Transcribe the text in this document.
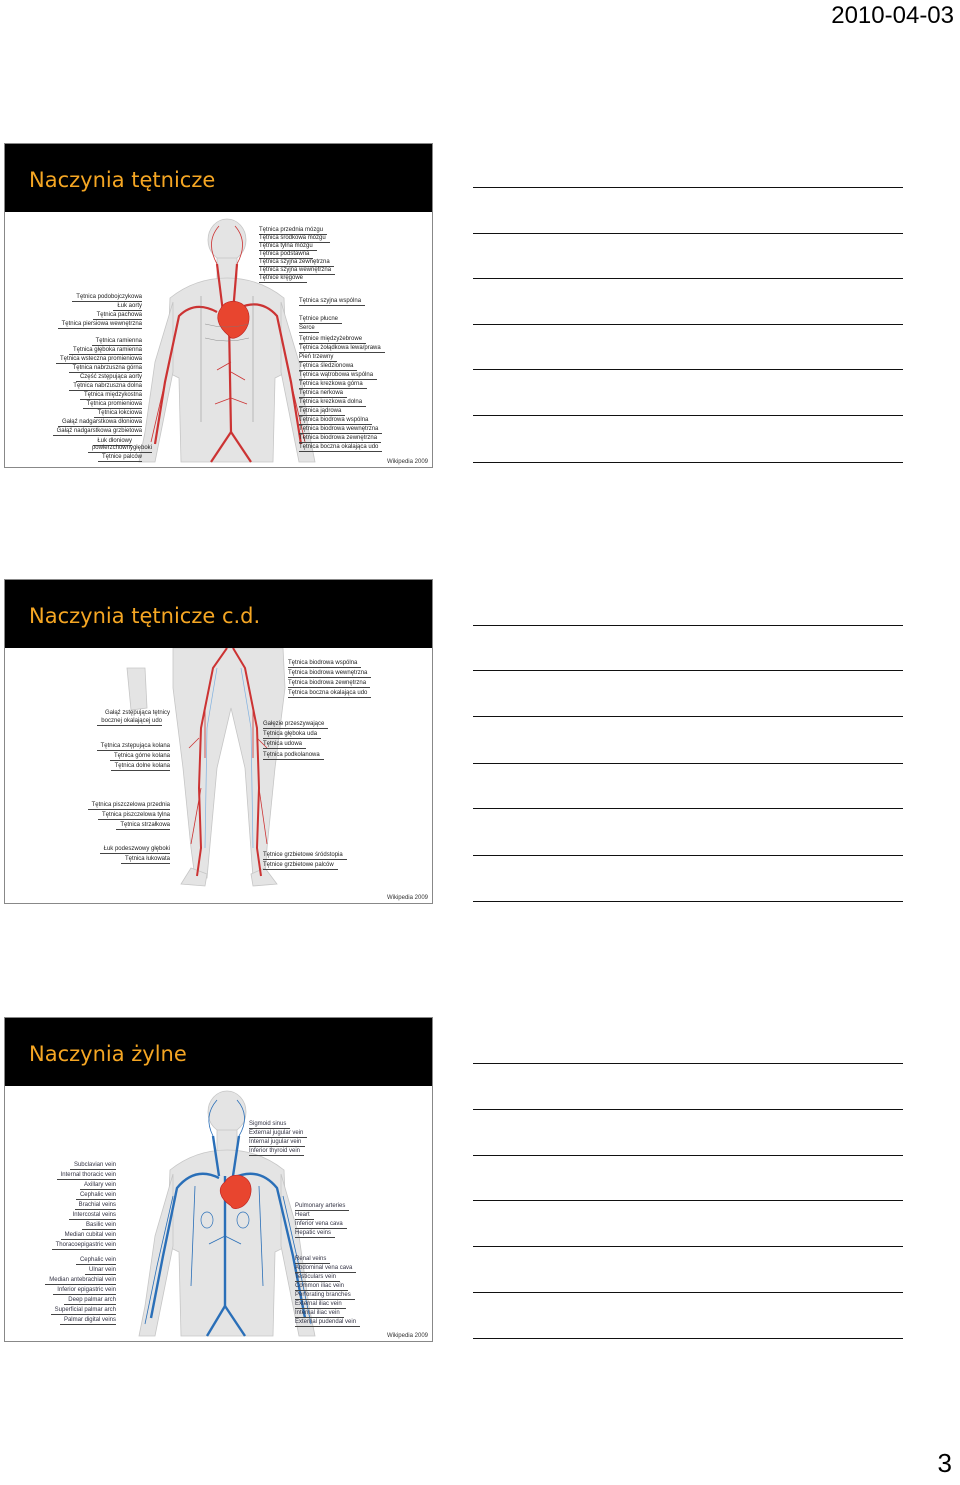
2010-04-03
Naczynia tętnicze
Tętnica podobojczykowa
Łuk aorty
Tętnica pachowa
Tętnica piersiowa wewnętrzna
Tętnica ramienna
Tętnica głęboka ramienna
Tętnica wsteczna promieniowa
Tętnica nabrzuszna górna
Część zstępująca aorty
Tętnica nabrzuszna dolna
Tętnica międzykostna
Tętnica promieniowa
Tętnica łokciowa
Gałąź nadgarstkowa dłoniowa
Gałąź nadgarstkowa grzbietowa
Łuk dłoniowy
powierzchownygłęboki
Tętnice palców
Tętnica przednia mózgu
Tętnica środkowa mózgu
Tętnica tylna mózgu
Tętnica podstawna
Tętnica szyjna zewnętrzna
Tętnica szyjna wewnętrzna
Tętnice kręgowe
Tętnica szyjna wspólna
Tętnice płucne
Serce
Tętnice międzyżebrowe
Tętnica żołądkowa lewa/prawa
Pień trzewny
Tętnica śledzionowa
Tętnica wątrobowa wspólna
Tętnica krezkowa górna
Tętnica nerkowa
Tętnica krezkowa dolna
Tętnica jądrowa
Tętnica biodrowa wspólna
Tętnica biodrowa wewnętrzna
Tętnica biodrowa zewnętrzna
Tętnica boczna okalająca udo
Wikipedia 2009
Naczynia tętnicze c.d.
Tętnica biodrowa wspólna
Tętnica biodrowa wewnętrzna
Tętnica biodrowa zewnętrzna
Tętnica boczna okalająca udo
Gałąź zstępująca tętnicy
bocznej okalającej udo	Gałęzie przeszywające
Tętnica głęboka uda
Tętnica udowa
Tętnica podkolanowa
Tętnica zstępująca kolana
Tętnica górne kolana
Tętnica dolne kolana
Tętnica piszczelowa przednia
Tętnica piszczelowa tylna
Tętnica strzałkowa
Łuk podeszwowy głęboki
Tętnica łukowata
Tętnice grzbietowe śródstopia
Tętnice grzbietowe palców
Wikipedia 2009
Naczynia żylne
Sigmoid sinus
External jugular vein
Internal jugular vein
Inferior thyroid vein
Subclavian vein
Internal thoracic vein
Axillary vein
Cephalic vein
Brachial veins
Intercostal veins
Basilic vein
Median cubital vein
Thoracoepigastric vein
Cephalic vein
Ulnar vein
Median antebrachial vein
Inferior epigastric vein
Deep palmar arch
Superficial palmar arch
Palmar digital veins
Pulmonary arteries
Heart
Inferior vena cava
Hepatic veins
Renal veins
Abdominal vena cava
Testiculars vein
Common iliac vein
Perforating branches
External iliac vein
Internal iliac vein
External pudendal vein
Wikipedia 2009
3
